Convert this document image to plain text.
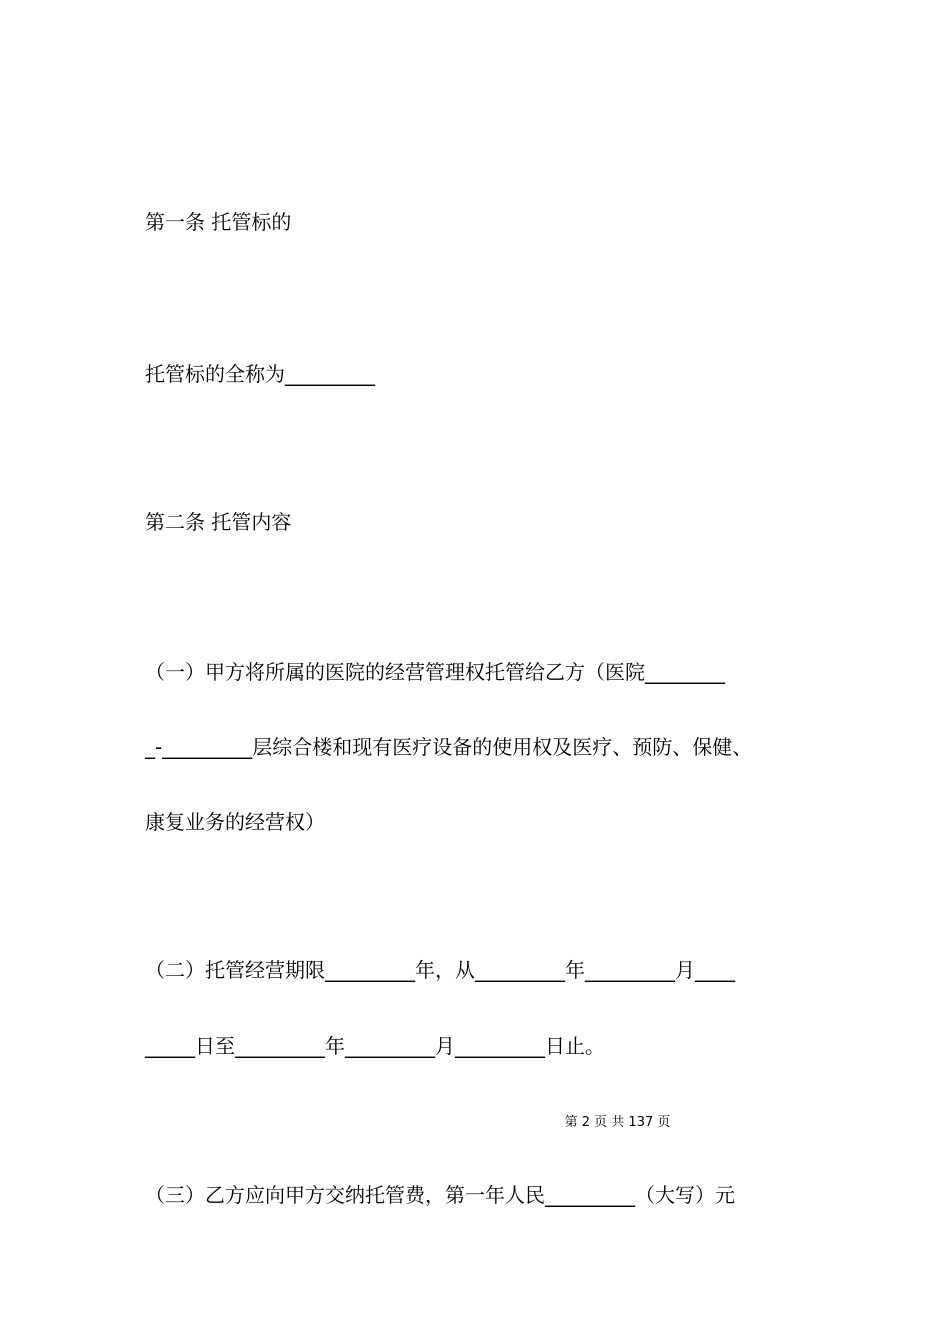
第一条 托管标的

托管标的全称为_________

第二条 托管内容

（一）甲方将所属的医院的经营管理权托管给乙方（医院________

_-_________层综合楼和现有医疗设备的使用权及医疗、预防、保健、

康复业务的经营权）

（二）托管经营期限_________年，从_________年_________月____

_____日至_________年_________月_________日止。

第 2 页 共 137 页

（三）乙方应向甲方交纳托管费，第一年人民_________（大写）元
